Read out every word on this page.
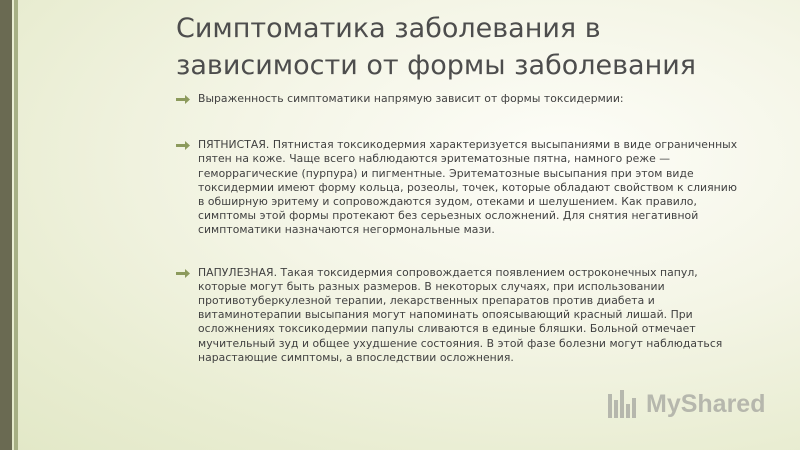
Симптоматика заболевания в зависимости от формы заболевания
Выраженность симптоматики напрямую зависит от формы токсидермии:
ПЯТНИСТАЯ. Пятнистая токсикодермия характеризуется высыпаниями в виде ограниченных пятен на коже. Чаще всего наблюдаются эритематозные пятна, намного реже — геморрагические (пурпура) и пигментные. Эритематозные высыпания при этом виде токсидермии имеют форму кольца, розеолы, точек, которые обладают свойством к слиянию в обширную эритему и сопровождаются зудом, отеками и шелушением. Как правило, симптомы этой формы протекают без серьезных осложнений. Для снятия негативной симптоматики назначаются негормональные мази.
ПАПУЛЕЗНАЯ. Такая токсидермия сопровождается появлением остроконечных папул, которые могут быть разных размеров. В некоторых случаях, при использовании противотуберкулезной терапии, лекарственных препаратов против диабета и витаминотерапии высыпания могут напоминать опоясывающий красный лишай. При осложнениях токсикодермии папулы сливаются в единые бляшки. Больной отмечает мучительный зуд и общее ухудшение состояния. В этой фазе болезни могут наблюдаться нарастающие симптомы, а впоследствии осложнения.
MyShared
